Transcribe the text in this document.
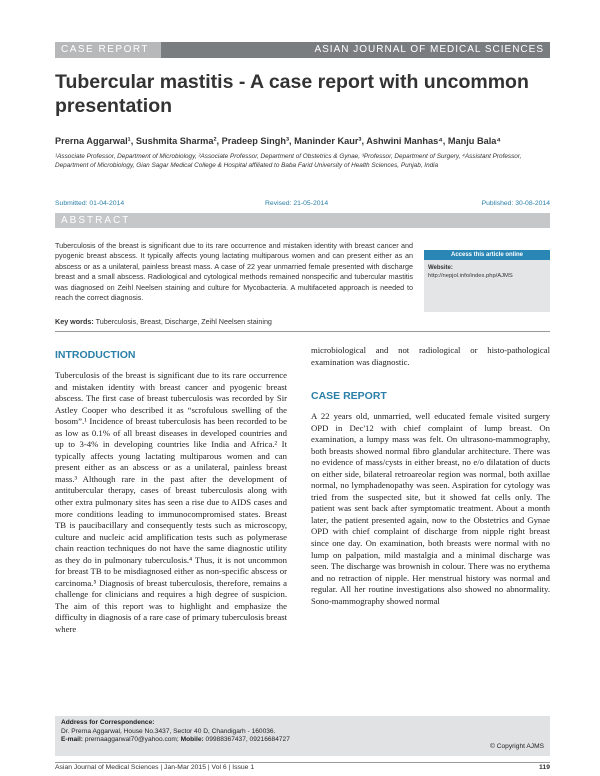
CASE REPORT	ASIAN JOURNAL OF MEDICAL SCIENCES
Tubercular mastitis - A case report with uncommon presentation
Prerna Aggarwal¹, Sushmita Sharma², Pradeep Singh³, Maninder Kaur³, Ashwini Manhas⁴, Manju Bala⁴
¹Associate Professor, Department of Microbiology, ²Associate Professor, Department of Obstetrics & Gynae, ³Professor, Department of Surgery, ⁴Assistant Professor, Department of Microbiology, Gian Sagar Medical College & Hospital affiliated to Baba Farid University of Health Sciences, Punjab, India
Submitted: 01-04-2014	Revised: 21-05-2014	Published: 30-08-2014
ABSTRACT
Tuberculosis of the breast is significant due to its rare occurrence and mistaken identity with breast cancer and pyogenic breast abscess. It typically affects young lactating multiparous women and can present either as an abscess or as a unilateral, painless breast mass. A case of 22 year unmarried female presented with discharge breast and a small abscess. Radiological and cytological methods remained nonspecific and tubercular mastitis was diagnosed on Zeihl Neelsen staining and culture for Mycobacteria. A multifaceted approach is needed to reach the correct diagnosis.
Key words: Tuberculosis, Breast, Discharge, Zeihl Neelsen staining
Access this article online
Website:
http://nepjol.info/index.php/AJMS
INTRODUCTION

Tuberculosis of the breast is significant due to its rare occurrence and mistaken identity with breast cancer and pyogenic breast abscess. The first case of breast tuberculosis was recorded by Sir Astley Cooper who described it as “scrofulous swelling of the bosom”.¹ Incidence of breast tuberculosis has been recorded to be as low as 0.1% of all breast diseases in developed countries and up to 3-4% in developing countries like India and Africa.² It typically affects young lactating multiparous women and can present either as an abscess or as a unilateral, painless breast mass.³ Although rare in the past after the development of antitubercular therapy, cases of breast tuberculosis along with other extra pulmonary sites has seen a rise due to AIDS cases and more conditions leading to immunocompromised states. Breast TB is paucibacillary and consequently tests such as microscopy, culture and nucleic acid amplification tests such as polymerase chain reaction techniques do not have the same diagnostic utility as they do in pulmonary tuberculosis.⁴ Thus, it is not uncommon for breast TB to be misdiagnosed either as non-specific abscess or carcinoma.⁵ Diagnosis of breast tuberculosis, therefore, remains a challenge for clinicians and requires a high degree of suspicion. The aim of this report was to highlight and emphasize the difficulty in diagnosis of a rare case of primary tuberculosis breast where

microbiological and not radiological or histo-pathological examination was diagnostic.

CASE REPORT

A 22 years old, unmarried, well educated female visited surgery OPD in Dec'12 with chief complaint of lump breast. On examination, a lumpy mass was felt. On ultrasono-mammography, both breasts showed normal fibro glandular architecture. There was no evidence of mass/cysts in either breast, no e/o dilatation of ducts on either side, bilateral retroareolar region was normal, both axillae normal, no lymphadenopathy was seen. Aspiration for cytology was tried from the suspected site, but it showed fat cells only. The patient was sent back after symptomatic treatment. About a month later, the patient presented again, now to the Obstetrics and Gynae OPD with chief complaint of discharge from nipple right breast since one day. On examination, both breasts were normal with no lump on palpation, mild mastalgia and a minimal discharge was seen. The discharge was brownish in colour. There was no erythema and no retraction of nipple. Her menstrual history was normal and regular. All her routine investigations also showed no abnormality. Sono-mammography showed normal

Address for Correspondence:
Dr. Prerna Aggarwal, House No.3437, Sector 40 D, Chandigarh - 160036.
E-mail: prernaaggarwal70@yahoo.com; Mobile: 09988367437, 09216684727
© Copyright AJMS
Asian Journal of Medical Sciences | Jan-Mar 2015 | Vol 6 | Issue 1	119
